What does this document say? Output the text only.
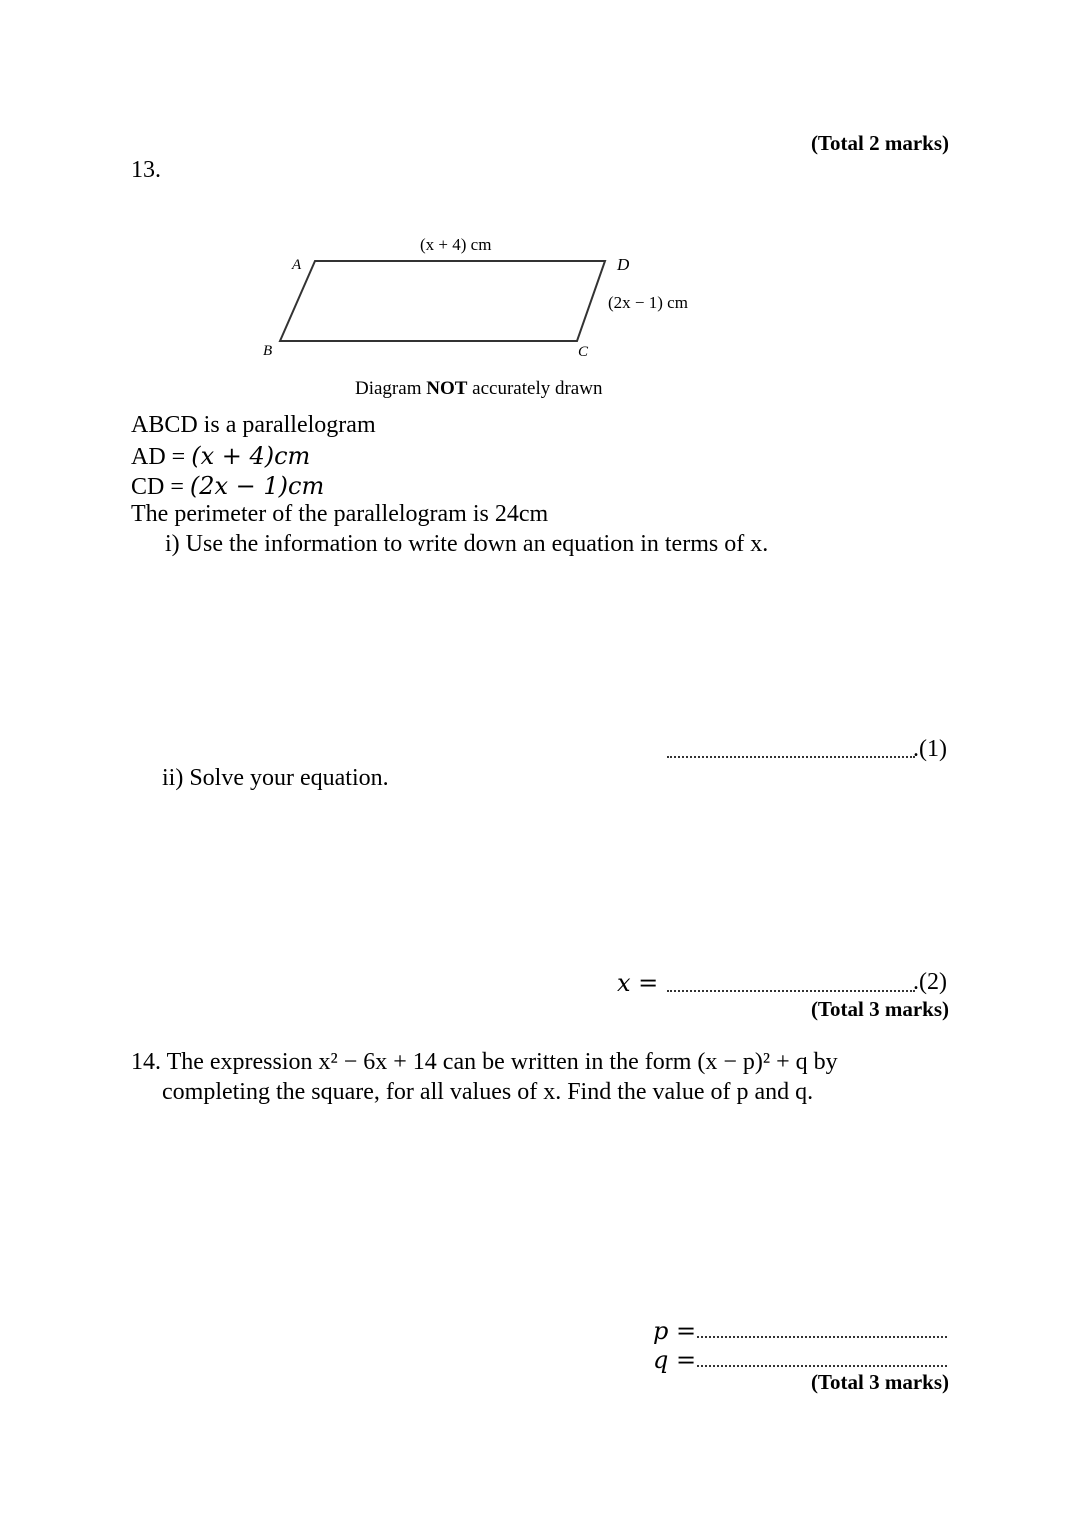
(Total 2 marks)
13.
(x + 4) cm
(2x − 1) cm
A
B	C
D
Diagram NOT accurately drawn
ABCD is a parallelogram
AD = (x + 4)cm
CD = (2x − 1)cm
The perimeter of the parallelogram is 24cm
i) Use the information to write down an equation in terms of x.
.(1)
ii) Solve your equation.
x =	.(2)
(Total 3 marks)
14. The expression x² − 6x + 14 can be written in the form (x − p)² + q by
completing the square, for all values of x. Find the value of p and q.
p =
q =
(Total 3 marks)
